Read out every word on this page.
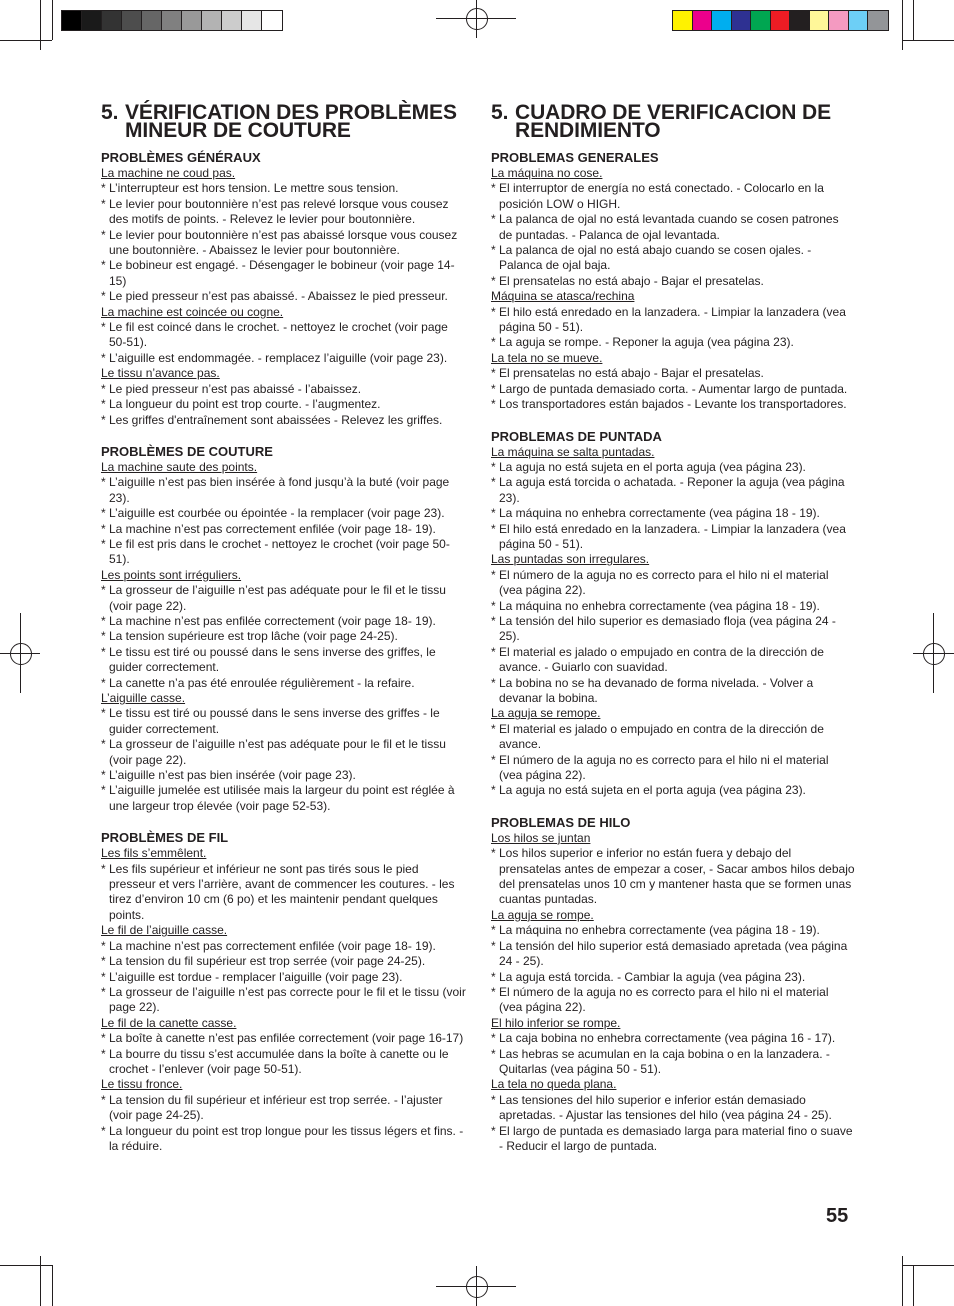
5. VÉRIFICATION DES PROBLÈMES
MINEUR DE COUTURE
PROBLÈMES GÉNÉRAUX
La machine ne coud pas.
* L’interrupteur est hors tension. Le mettre sous tension.
* Le levier pour boutonnière n’est pas relevé lorsque vous cousez des motifs de points. - Relevez le levier pour boutonnière.
* Le levier pour boutonnière n’est pas abaissé lorsque vous cousez une boutonnière. - Abaissez le levier pour boutonnière.
* Le bobineur est engagé. - Désengager le bobineur (voir page 14-15)
* Le pied presseur n’est pas abaissé. - Abaissez le pied presseur.
La machine est coincée ou cogne.
* Le fil est coincé dans le crochet. - nettoyez le crochet (voir page 50-51).
* L’aiguille est endommagée. - remplacez l’aiguille (voir page 23).
Le tissu n’avance pas.
* Le pied presseur n’est pas abaissé - l’abaissez.
* La longueur du point est trop courte. - l’augmentez.
* Les griffes d'entraînement sont abaissées - Relevez les griffes.
PROBLÈMES DE COUTURE
La machine saute des points.
* L’aiguille n’est pas bien insérée à fond jusqu’à la buté (voir page 23).
* L’aiguille est courbée ou épointée - la remplacer (voir page 23).
* La machine n’est pas correctement enfilée (voir page 18- 19).
* Le fil est pris dans le crochet - nettoyez le crochet (voir page 50-51).
Les points sont irréguliers.
* La grosseur de l’aiguille n’est pas adéquate pour le fil et le tissu (voir page 22).
* La machine n’est pas enfilée correctement (voir page 18- 19).
* La tension supérieure est trop lâche (voir page 24-25).
* Le tissu est tiré ou poussé dans le sens inverse des griffes, le guider correctement.
* La canette n’a pas été enroulée régulièrement - la refaire.
L’aiguille casse.
* Le tissu est tiré ou poussé dans le sens inverse des griffes - le guider correctement.
* La grosseur de l’aiguille n’est pas adéquate pour le fil et le tissu (voir page 22).
* L’aiguille n’est pas bien insérée (voir page 23).
* L’aiguille jumelée est utilisée mais la largeur du point est réglée à une largeur trop élevée (voir page 52-53).
PROBLÈMES DE FIL
Les fils s’emmêlent.
* Les fils supérieur et inférieur ne sont pas tirés sous le pied presseur et vers l’arrière, avant de commencer les coutures. - les tirez d’environ 10 cm (6 po) et les maintenir pendant quelques points.
Le fil de l’aiguille casse.
* La machine n’est pas correctement enfilée (voir page 18- 19).
* La tension du fil supérieur est trop serrée (voir page 24-25).
* L’aiguille est tordue - remplacer l’aiguille (voir page 23).
* La grosseur de l’aiguille n’est pas correcte pour le fil et le tissu (voir page 22).
Le fil de la canette casse.
* La boîte à canette n’est pas enfilée correctement (voir page 16-17)
* La bourre du tissu s’est accumulée dans la boîte à canette ou le crochet - l’enlever (voir page 50-51).
Le tissu fronce.
* La tension du fil supérieur et inférieur est trop serrée. - l’ajuster (voir page 24-25).
* La longueur du point est trop longue pour les tissus légers et fins. - la réduire.
5. CUADRO DE VERIFICACION DE
RENDIMIENTO
PROBLEMAS GENERALES
La máquina no cose.
* El interruptor de energía no está conectado. - Colocarlo en la posición LOW o HIGH.
* La palanca de ojal no está levantada cuando se cosen patrones de puntadas. - Palanca de ojal levantada.
* La palanca de ojal no está abajo cuando se cosen ojales. - Palanca de ojal baja.
* El prensatelas no está abajo - Bajar el presatelas.
Máquina se atasca/rechina
* El hilo está enredado en la lanzadera. - Limpiar la lanzadera (vea página 50 - 51).
* La aguja se rompe. - Reponer la aguja (vea página 23).
La tela no se mueve.
* El prensatelas no está abajo - Bajar el presatelas.
* Largo de puntada demasiado corta. - Aumentar largo de puntada.
* Los transportadores están bajados - Levante los transportadores.
PROBLEMAS DE PUNTADA
La máquina se salta puntadas.
* La aguja no está sujeta en el porta aguja (vea página 23).
* La aguja está torcida o achatada. - Reponer la aguja (vea página 23).
* La máquina no enhebra correctamente (vea página 18 - 19).
* El hilo está enredado en la lanzadera. - Limpiar la lanzadera (vea página 50 - 51).
Las puntadas son irregulares.
* El número de la aguja no es correcto para el hilo ni el material (vea página 22).
* La máquina no enhebra correctamente (vea página 18 - 19).
* La tensión del hilo superior es demasiado floja (vea página 24 - 25).
* El material es jalado o empujado en contra de la dirección de avance. - Guiarlo con suavidad.
* La bobina no se ha devanado de forma nivelada. - Volver a devanar la bobina.
La aguja se remope.
* El material es jalado o empujado en contra de la dirección de avance.
* El número de la aguja no es correcto para el hilo ni el material (vea página 22).
* La aguja no está sujeta en el porta aguja (vea página 23).
PROBLEMAS DE HILO
Los hilos se juntan
* Los hilos superior e inferior no están fuera y debajo del prensatelas antes de empezar a coser, - Sacar ambos hilos debajo del prensatelas unos 10 cm y mantener hasta que se formen unas cuantas puntadas.
La aguja se rompe.
* La máquina no enhebra correctamente (vea página 18 - 19).
* La tensión del hilo superior está demasiado apretada (vea página 24 - 25).
* La aguja está torcida. - Cambiar la aguja (vea página 23).
* El número de la aguja no es correcto para el hilo ni el material (vea página 22).
El hilo inferior se rompe.
* La caja bobina no enhebra correctamente (vea página 16 - 17).
* Las hebras se acumulan en la caja bobina o en la lanzadera. - Quitarlas (vea página 50 - 51).
La tela no queda plana.
* Las tensiones del hilo superior e inferior están demasiado apretadas. - Ajustar las tensiones del hilo (vea página 24 - 25).
* El largo de puntada es demasiado larga para material fino o suave - Reducir el largo de puntada.
55
